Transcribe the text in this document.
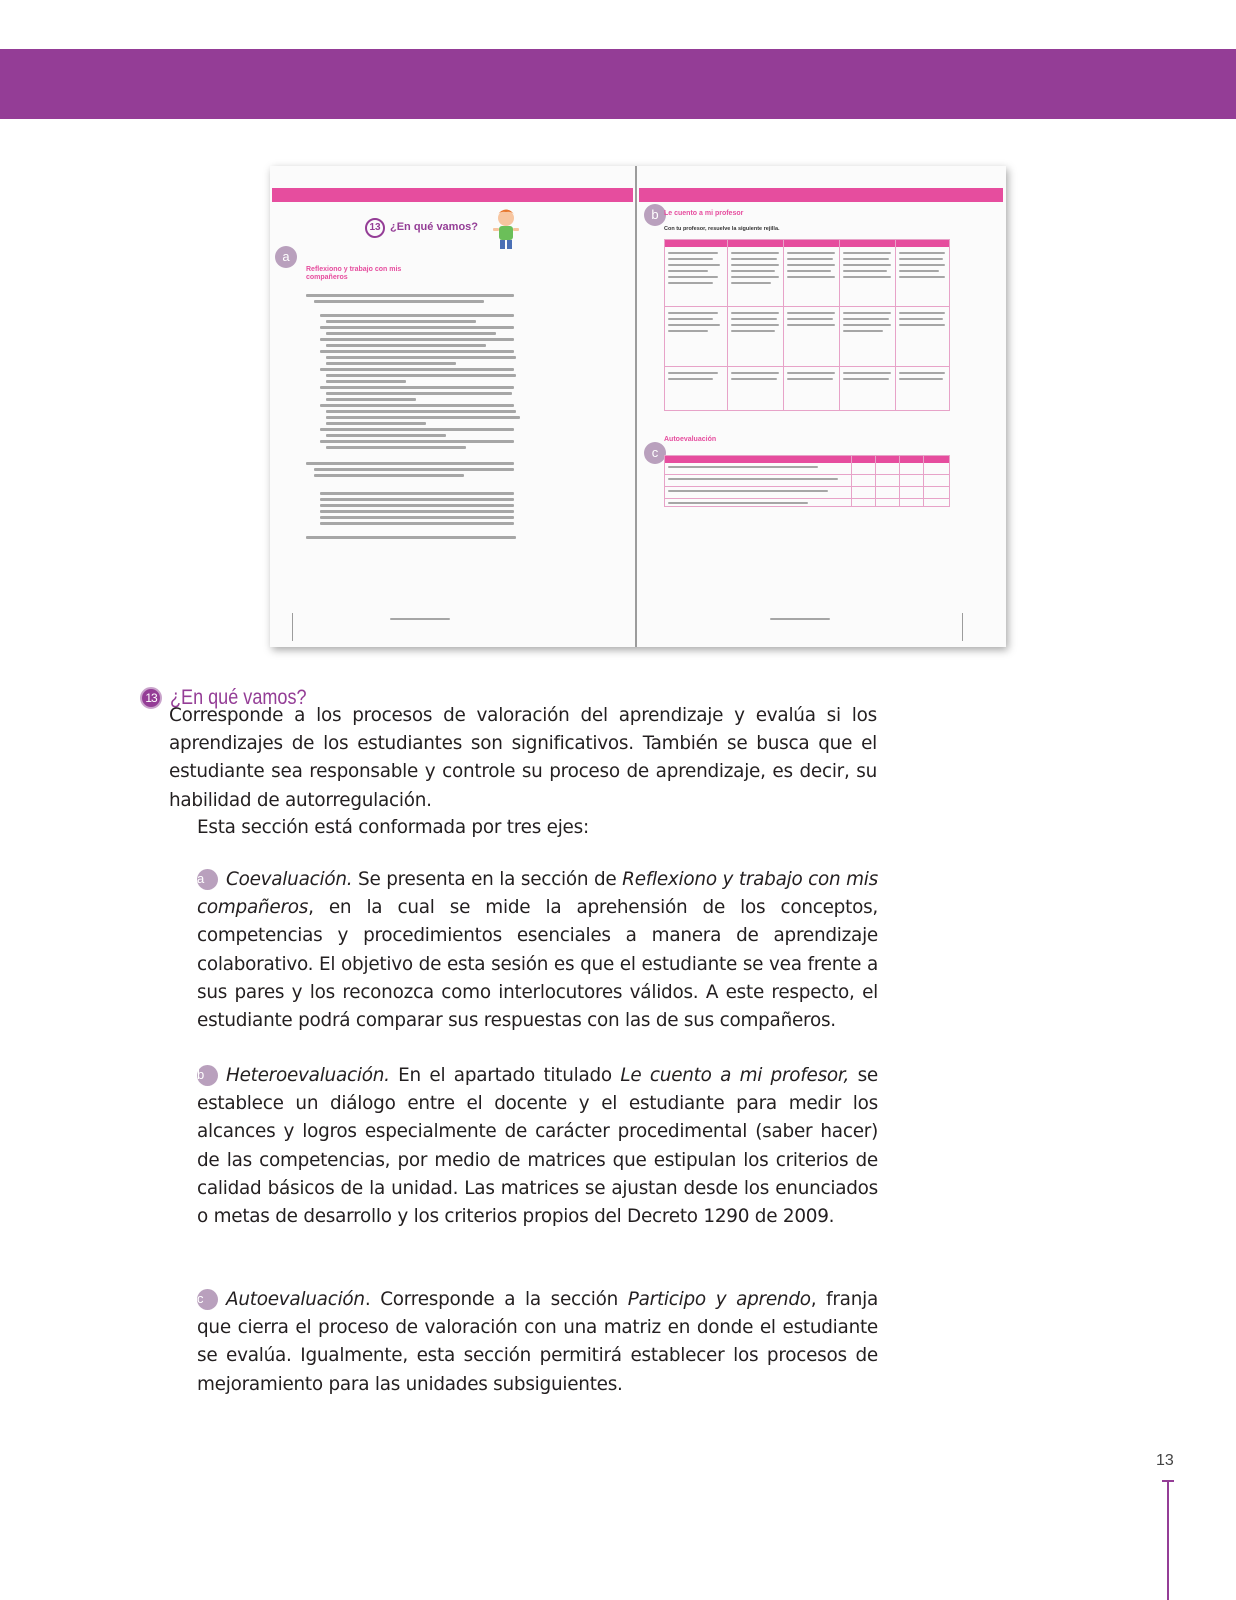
13 ¿En qué vamos?
a
Reflexiono y trabajo con mis compañeros
b Le cuento a mi profesor
Con tu profesor, resuelve la siguiente rejilla.
c
Autoevaluación
13 ¿En qué vamos?

Corresponde a los procesos de valoración del aprendizaje y evalúa si los aprendizajes de los estudiantes son significativos. También se busca que el estudiante sea responsable y controle su proceso de aprendizaje, es decir, su habilidad de autorregulación.

Esta sección está conformada por tres ejes:

a Coevaluación. Se presenta en la sección de Reflexiono y trabajo con mis compañeros, en la cual se mide la aprehensión de los conceptos, competencias y procedimientos esenciales a manera de aprendizaje colaborativo. El objetivo de esta sesión es que el estudiante se vea frente a sus pares y los reconozca como interlocutores válidos. A este respecto, el estudiante podrá comparar sus respuestas con las de sus compañeros.

b Heteroevaluación. En el apartado titulado Le cuento a mi profesor, se establece un diálogo entre el docente y el estudiante para medir los alcances y logros especialmente de carácter procedimental (saber hacer) de las competencias, por medio de matrices que estipulan los criterios de calidad básicos de la unidad. Las matrices se ajustan desde los enunciados o metas de desarrollo y los criterios propios del Decreto 1290 de 2009.

c Autoevaluación. Corresponde a la sección Participo y aprendo, franja que cierra el proceso de valoración con una matriz en donde el estudiante se evalúa. Igualmente, esta sección permitirá establecer los procesos de mejoramiento para las unidades subsiguientes.

13
